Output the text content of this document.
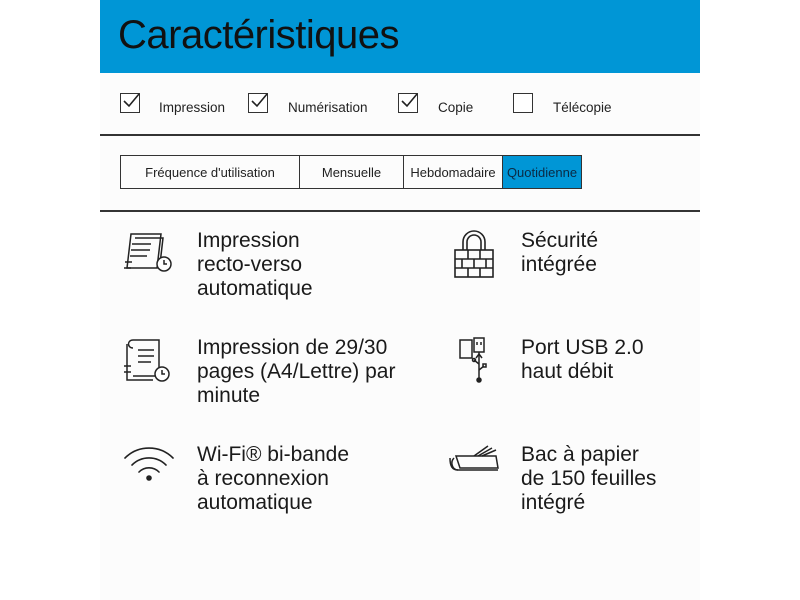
Caractéristiques
Impression	Numérisation	Copie	Télécopie
Fréquence d'utilisation	Mensuelle	Hebdomadaire Quotidienne
Impression
recto-verso
automatique
Sécurité
intégrée
Impression de 29/30
pages (A4/Lettre) par
minute
Port USB 2.0
haut débit
Wi-Fi® bi-bande
à reconnexion
automatique
Bac à papier
de 150 feuilles
intégré
